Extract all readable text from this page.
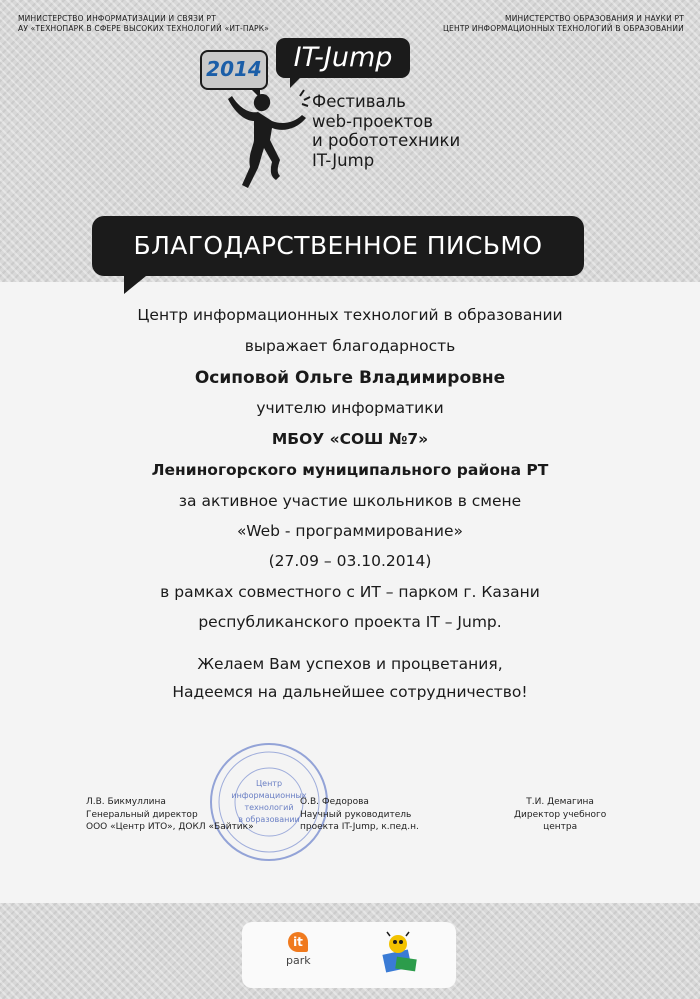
МИНИСТЕРСТВО ИНФОРМАТИЗАЦИИ И СВЯЗИ РТ
АУ «ТЕХНОПАРК В СФЕРЕ ВЫСОКИХ ТЕХНОЛОГИЙ «ИТ-ПАРК»
МИНИСТЕРСТВО ОБРАЗОВАНИЯ И НАУКИ РТ
ЦЕНТР ИНФОРМАЦИОННЫХ ТЕХНОЛОГИЙ В ОБРАЗОВАНИИ
IT-Jump
2014
Фестиваль
web-проектов
и робототехники
IT-Jump
БЛАГОДАРСТВЕННОЕ ПИСЬМО
Центр информационных технологий в образовании
выражает благодарность
Осиповой Ольге Владимировне
учителю информатики
МБОУ «СОШ №7»
Лениногорского муниципального района РТ
за активное участие школьников в смене
«Web - программирование»
(27.09 – 03.10.2014)
в рамках совместного с ИТ – парком г. Казани
республиканского проекта IT – Jump.
Желаем Вам успехов и процветания,
Надеемся на дальнейшее сотрудничество!
Центр
информационных
технологий
в образовании
Л.В. Бикмуллина
Генеральный директор
ООО «Центр ИТО», ДОКЛ «Байтик»
О.В. Федорова
Научный руководитель
проекта IT-Jump, к.пед.н.
Т.И. Демагина
Директор учебного
центра
it
park
